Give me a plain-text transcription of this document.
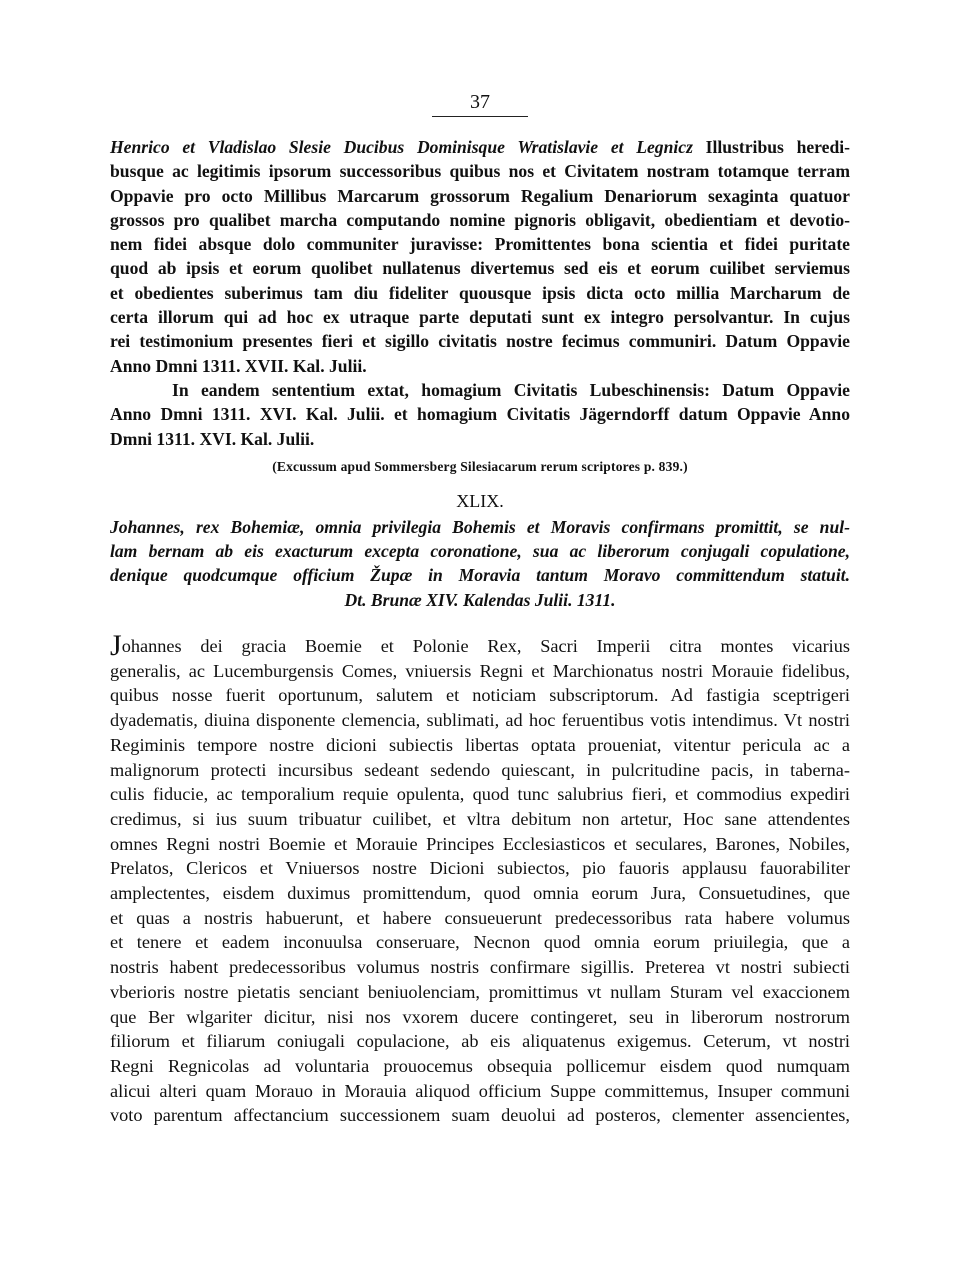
37
Henrico et Vladislao Slesie Ducibus Dominisque Wratislavie et Legnicz Illustribus heredi-
busque ac legitimis ipsorum successoribus quibus nos et Civitatem nostram totamque terram
Oppavie pro octo Millibus Marcarum grossorum Regalium Denariorum sexaginta quatuor
grossos pro qualibet marcha computando nomine pignoris obligavit, obedientiam et devotio-
nem fidei absque dolo communiter juravisse: Promittentes bona scientia et fidei puritate
quod ab ipsis et eorum quolibet nullatenus divertemus sed eis et eorum cuilibet serviemus
et obedientes suberimus tam diu fideliter quousque ipsis dicta octo millia Marcharum de
certa illorum qui ad hoc ex utraque parte deputati sunt ex integro persolvantur. In cujus
rei testimonium presentes fieri et sigillo civitatis nostre fecimus communiri. Datum Oppavie
Anno Dmni 1311. XVII. Kal. Julii.
In eandem sententium extat, homagium Civitatis Lubeschinensis: Datum Oppavie
Anno Dmni 1311. XVI. Kal. Julii. et homagium Civitatis Jägerndorff datum Oppavie Anno
Dmni 1311. XVI. Kal. Julii.
(Excussum apud Sommersberg Silesiacarum rerum scriptores p. 839.)
XLIX.
Johannes, rex Bohemiæ, omnia privilegia Bohemis et Moravis confirmans promittit, se nul-
lam bernam ab eis exacturum excepta coronatione, sua ac liberorum conjugali copulatione,
denique quodcumque officium Župæ in Moravia tantum Moravo committendum statuit.
Dt. Brunæ XIV. Kalendas Julii. 1311.
Johannes dei gracia Boemie et Polonie Rex, Sacri Imperii citra montes vicarius
generalis, ac Lucemburgensis Comes, vniuersis Regni et Marchionatus nostri Morauie fidelibus,
quibus nosse fuerit oportunum, salutem et noticiam subscriptorum. Ad fastigia sceptrigeri
dyadematis, diuina disponente clemencia, sublimati, ad hoc feruentibus votis intendimus. Vt nostri
Regiminis tempore nostre dicioni subiectis libertas optata proueniat, vitentur pericula ac a
malignorum protecti incursibus sedeant sedendo quiescant, in pulcritudine pacis, in taberna-
culis fiducie, ac temporalium requie opulenta, quod tunc salubrius fieri, et commodius expediri
credimus, si ius suum tribuatur cuilibet, et vltra debitum non artetur, Hoc sane attendentes
omnes Regni nostri Boemie et Morauie Principes Ecclesiasticos et seculares, Barones, Nobiles,
Prelatos, Clericos et Vniuersos nostre Dicioni subiectos, pio fauoris applausu fauorabiliter
amplectentes, eisdem duximus promittendum, quod omnia eorum Jura, Consuetudines, que
et quas a nostris habuerunt, et habere consueuerunt predecessoribus rata habere volumus
et tenere et eadem inconuulsa conseruare, Necnon quod omnia eorum priuilegia, que a
nostris habent predecessoribus volumus nostris confirmare sigillis. Preterea vt nostri subiecti
vberioris nostre pietatis senciant beniuolenciam, promittimus vt nullam Sturam vel exaccionem
que Ber wlgariter dicitur, nisi nos vxorem ducere contingeret, seu in liberorum nostrorum
filiorum et filiarum coniugali copulacione, ab eis aliquatenus exigemus. Ceterum, vt nostri
Regni Regnicolas ad voluntaria prouocemus obsequia pollicemur eisdem quod numquam
alicui alteri quam Morauo in Morauia aliquod officium Suppe committemus, Insuper communi
voto parentum affectancium successionem suam deuolui ad posteros, clementer assencientes,
